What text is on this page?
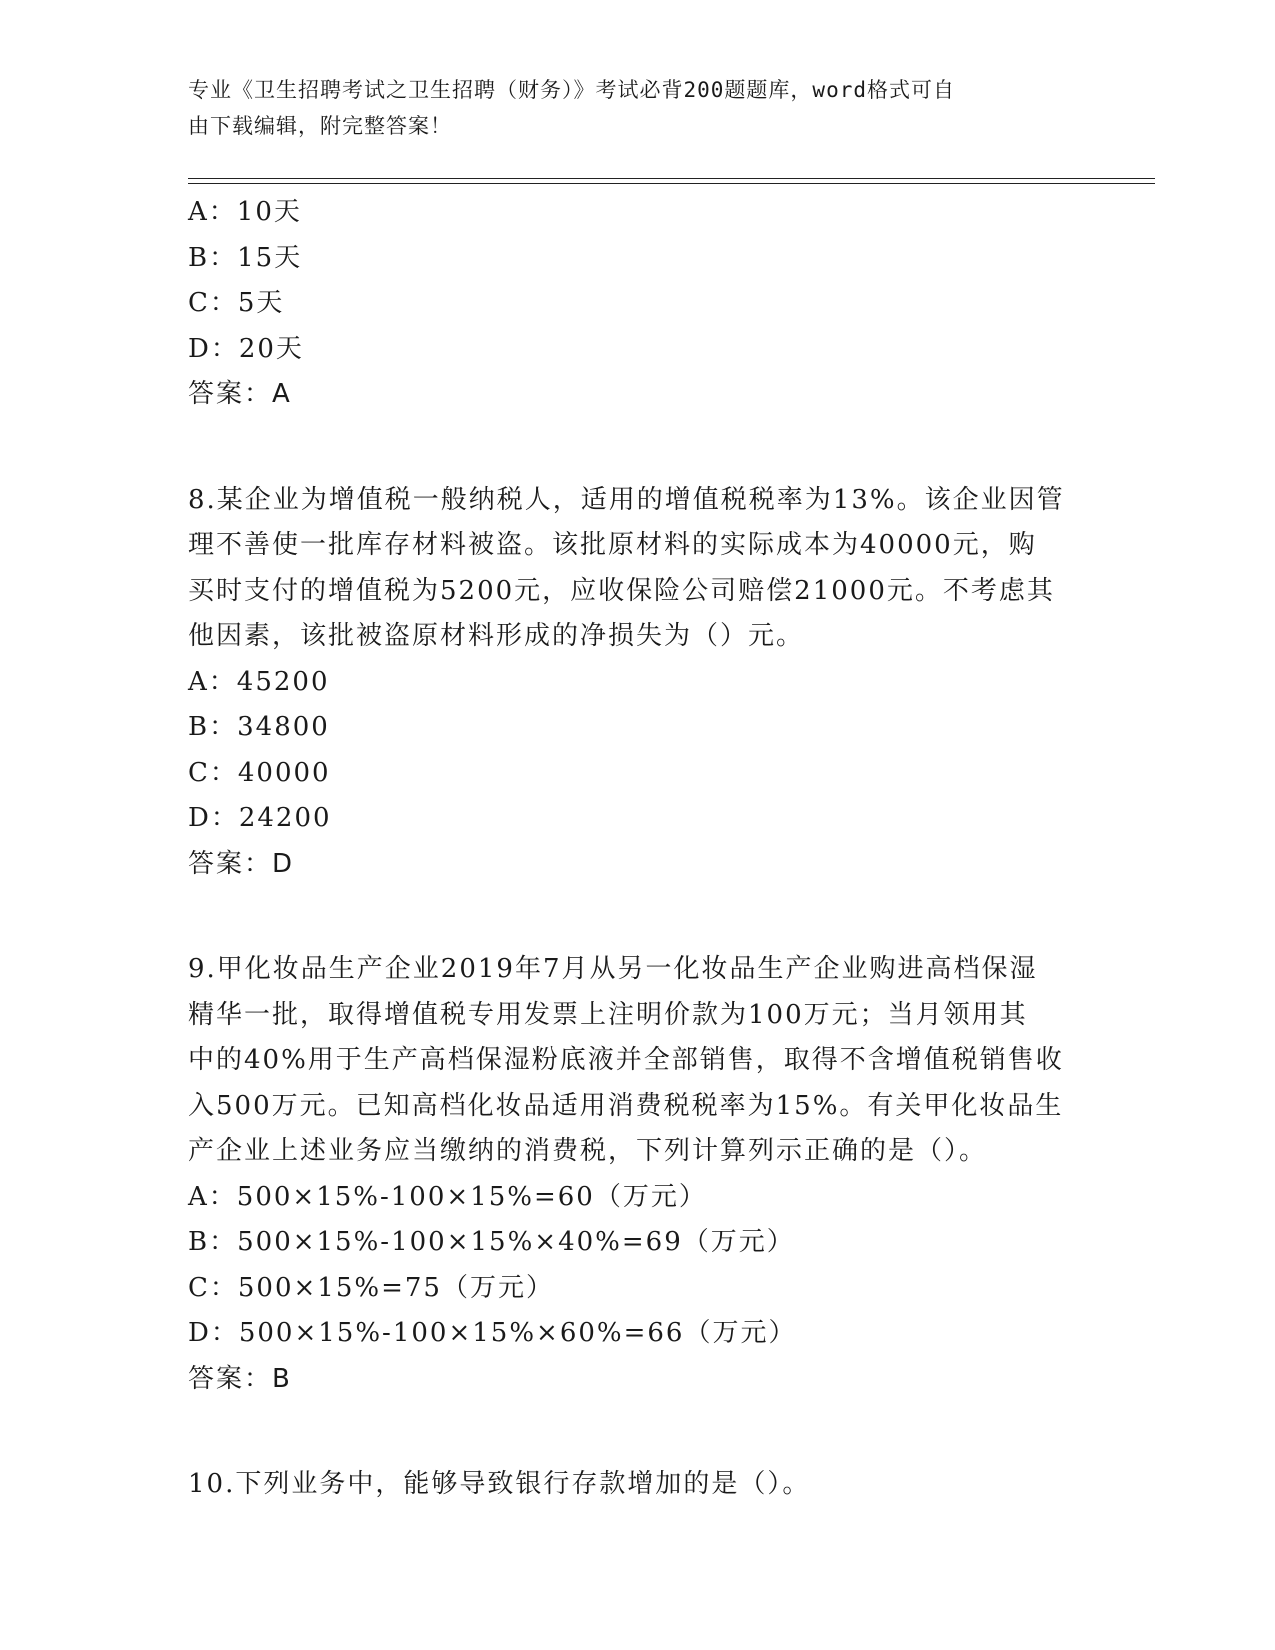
专业《卫生招聘考试之卫生招聘（财务）》考试必背200题题库，word格式可自
由下载编辑，附完整答案！
A：10天
B：15天
C：5天
D：20天
答案：A
8.某企业为增值税一般纳税人，适用的增值税税率为13%。该企业因管
理不善使一批库存材料被盗。该批原材料的实际成本为40000元，购
买时支付的增值税为5200元，应收保险公司赔偿21000元。不考虑其
他因素，该批被盗原材料形成的净损失为（）元。
A：45200
B：34800
C：40000
D：24200
答案：D
9.甲化妆品生产企业2019年7月从另一化妆品生产企业购进高档保湿
精华一批，取得增值税专用发票上注明价款为100万元；当月领用其
中的40%用于生产高档保湿粉底液并全部销售，取得不含增值税销售收
入500万元。已知高档化妆品适用消费税税率为15%。有关甲化妆品生
产企业上述业务应当缴纳的消费税，下列计算列示正确的是（）。
A：500×15%-100×15%=60（万元）
B：500×15%-100×15%×40%=69（万元）
C：500×15%=75（万元）
D：500×15%-100×15%×60%=66（万元）
答案：B
10.下列业务中，能够导致银行存款增加的是（）。
